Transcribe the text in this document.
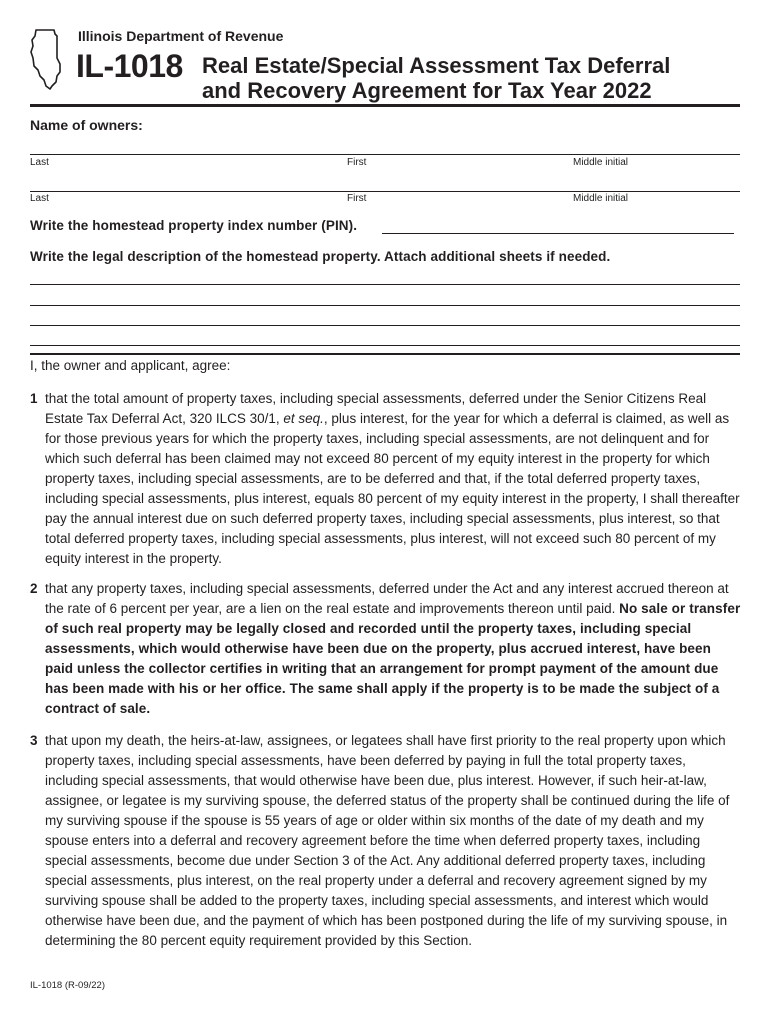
Illinois Department of Revenue
IL-1018 Real Estate/Special Assessment Tax Deferral
and Recovery Agreement for Tax Year 2022
Name of owners:
Last	First	Middle initial
Last	First	Middle initial
Write the homestead property index number (PIN).
Write the legal description of the homestead property. Attach additional sheets if needed.
I, the owner and applicant, agree:
1 that the total amount of property taxes, including special assessments, deferred under the Senior Citizens Real Estate Tax Deferral Act, 320 ILCS 30/1, et seq., plus interest, for the year for which a deferral is claimed, as well as for those previous years for which the property taxes, including special assessments, are not delinquent and for which such deferral has been claimed may not exceed 80 percent of my equity interest in the property for which property taxes, including special assessments, are to be deferred and that, if the total deferred property taxes, including special assessments, plus interest, equals 80 percent of my equity interest in the property, I shall thereafter pay the annual interest due on such deferred property taxes, including special assessments, plus interest, so that total deferred property taxes, including special assessments, plus interest, will not exceed such 80 percent of my equity interest in the property.
2 that any property taxes, including special assessments, deferred under the Act and any interest accrued thereon at the rate of 6 percent per year, are a lien on the real estate and improvements thereon until paid. No sale or transfer of such real property may be legally closed and recorded until the property taxes, including special assessments, which would otherwise have been due on the property, plus accrued interest, have been paid unless the collector certifies in writing that an arrangement for prompt payment of the amount due has been made with his or her office. The same shall apply if the property is to be made the subject of a contract of sale.
3 that upon my death, the heirs-at-law, assignees, or legatees shall have first priority to the real property upon which property taxes, including special assessments, have been deferred by paying in full the total property taxes, including special assessments, that would otherwise have been due, plus interest. However, if such heir-at-law, assignee, or legatee is my surviving spouse, the deferred status of the property shall be continued during the life of my surviving spouse if the spouse is 55 years of age or older within six months of the date of my death and my spouse enters into a deferral and recovery agreement before the time when deferred property taxes, including special assessments, become due under Section 3 of the Act. Any additional deferred property taxes, including special assessments, plus interest, on the real property under a deferral and recovery agreement signed by my surviving spouse shall be added to the property taxes, including special assessments, and interest which would otherwise have been due, and the payment of which has been postponed during the life of my surviving spouse, in determining the 80 percent equity requirement provided by this Section.
IL-1018 (R-09/22)
